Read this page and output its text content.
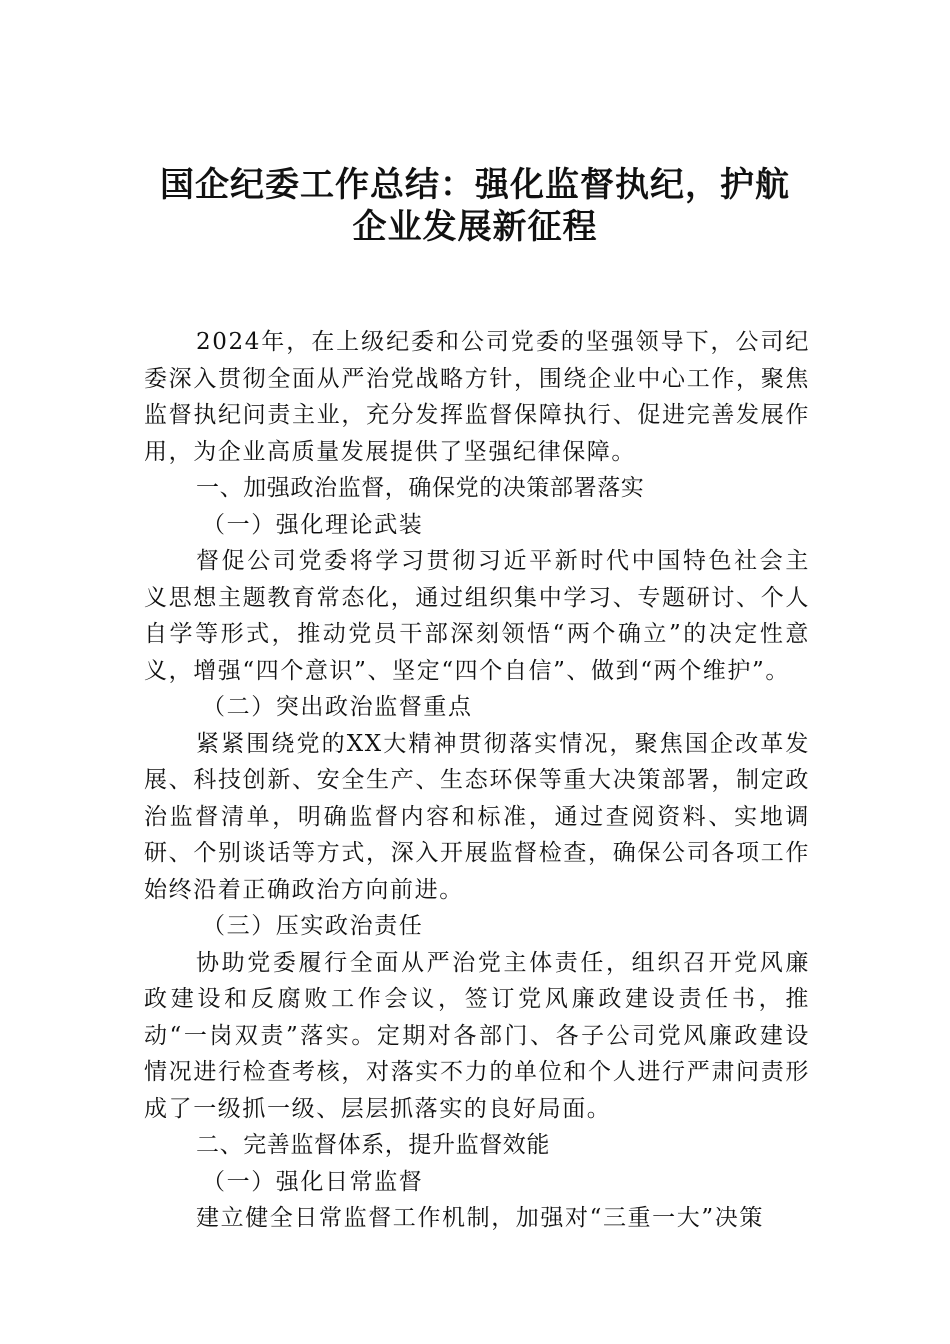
国企纪委工作总结：强化监督执纪，护航
企业发展新征程

2024年，在上级纪委和公司党委的坚强领导下，公司纪委深入贯彻全面从严治党战略方针，围绕企业中心工作，聚焦监督执纪问责主业，充分发挥监督保障执行、促进完善发展作用，为企业高质量发展提供了坚强纪律保障。

一、加强政治监督，确保党的决策部署落实

（一）强化理论武装

督促公司党委将学习贯彻习近平新时代中国特色社会主义思想主题教育常态化，通过组织集中学习、专题研讨、个人自学等形式，推动党员干部深刻领悟“两个确立”的决定性意义，增强“四个意识”、坚定“四个自信”、做到“两个维护”。

（二）突出政治监督重点

紧紧围绕党的XX大精神贯彻落实情况，聚焦国企改革发展、科技创新、安全生产、生态环保等重大决策部署，制定政治监督清单，明确监督内容和标准，通过查阅资料、实地调研、个别谈话等方式，深入开展监督检查，确保公司各项工作始终沿着正确政治方向前进。

（三）压实政治责任

协助党委履行全面从严治党主体责任，组织召开党风廉政建设和反腐败工作会议，签订党风廉政建设责任书，推动“一岗双责”落实。定期对各部门、各子公司党风廉政建设情况进行检查考核，对落实不力的单位和个人进行严肃问责形成了一级抓一级、层层抓落实的良好局面。

二、完善监督体系，提升监督效能

（一）强化日常监督

建立健全日常监督工作机制，加强对“三重一大”决策
